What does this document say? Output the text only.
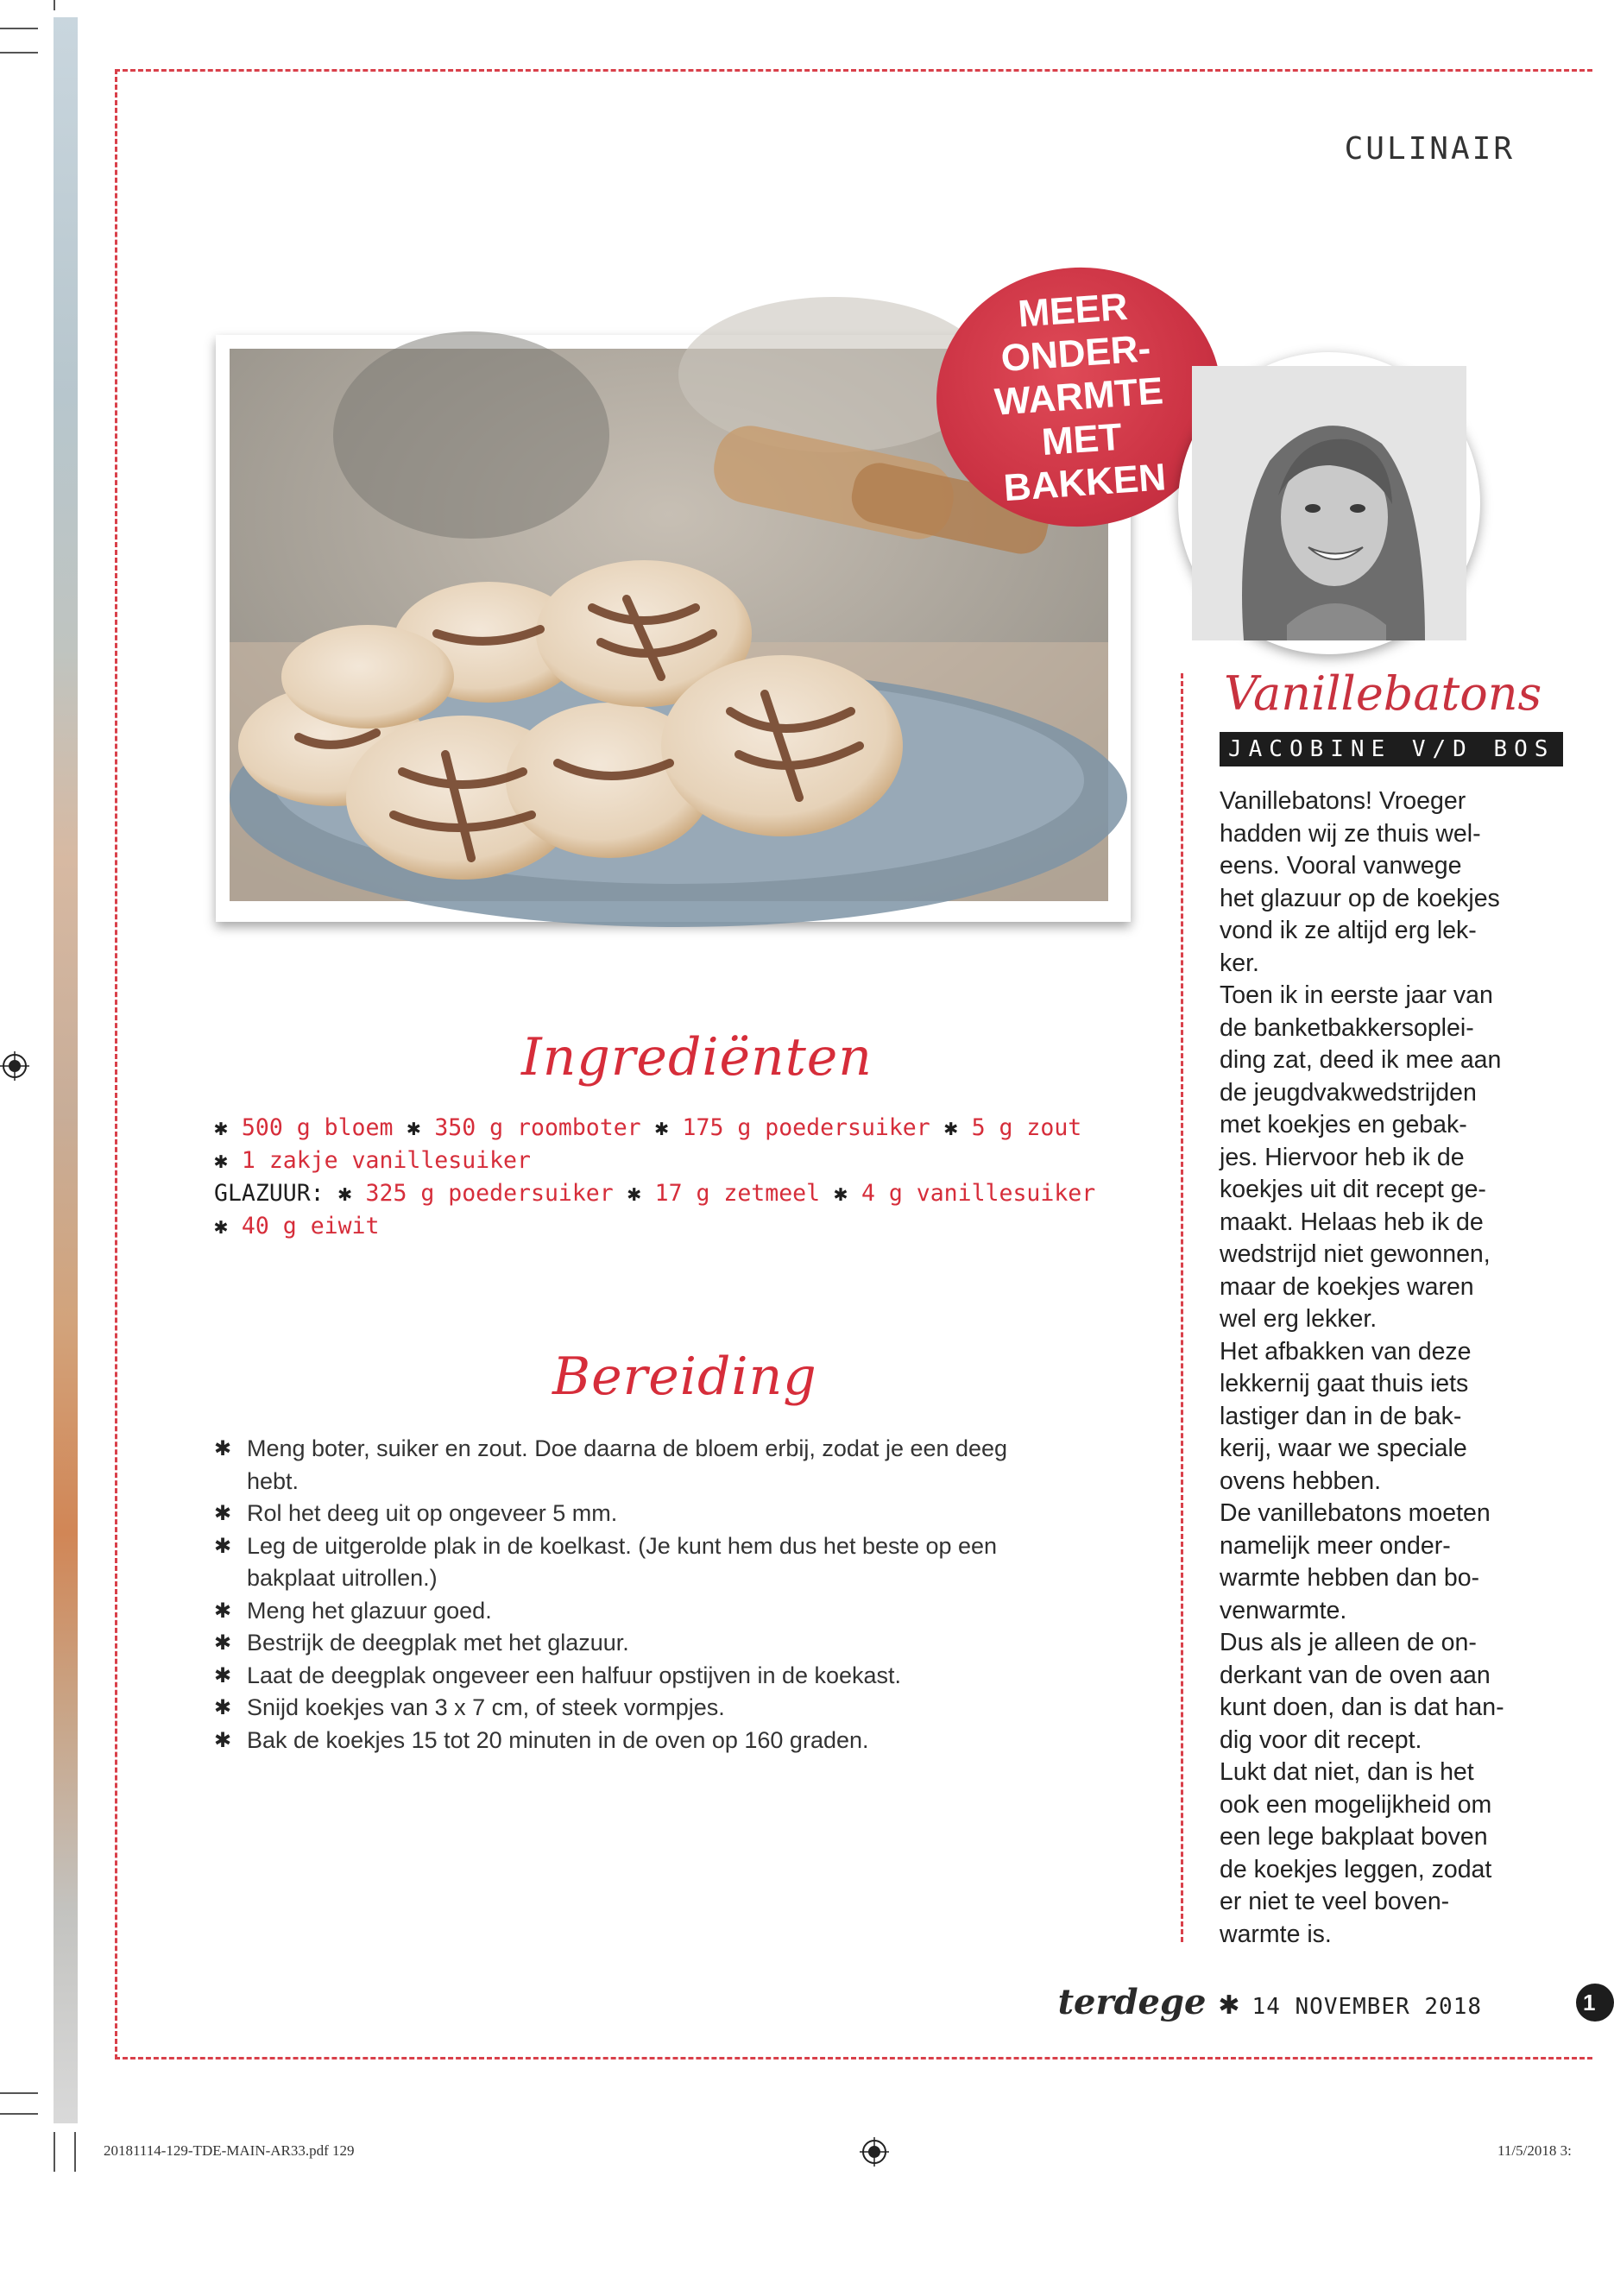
CULINAIR
MEER
ONDER-
WARMTE
MET
BAKKEN
Vanillebatons
JACOBINE V/D BOS

Vanillebatons! Vroeger

hadden wij ze thuis wel-

eens. Vooral vanwege

het glazuur op de koekjes

vond ik ze altijd erg lek-

ker.

Toen ik in eerste jaar van

de banketbakkersoplei-

ding zat, deed ik mee aan

de jeugdvakwedstrijden

met koekjes en gebak-

jes. Hiervoor heb ik de

koekjes uit dit recept ge-

maakt. Helaas heb ik de

wedstrijd niet gewonnen,

maar de koekjes waren

wel erg lekker.

Het afbakken van deze

lekkernij gaat thuis iets

lastiger dan in de bak-

kerij, waar we speciale

ovens hebben.

De vanillebatons moeten

namelijk meer onder-

warmte hebben dan bo-

venwarmte.

Dus als je alleen de on-

derkant van de oven aan

kunt doen, dan is dat han-

dig voor dit recept.

Lukt dat niet, dan is het

ook een mogelijkheid om

een lege bakplaat boven

de koekjes leggen, zodat

er niet te veel boven-

warmte is.

Ingrediënten
✱ 500 g bloem ✱ 350 g roomboter ✱ 175 g poedersuiker ✱ 5 g zout
✱ 1 zakje vanillesuiker
GLAZUUR: ✱ 325 g poedersuiker ✱ 17 g zetmeel ✱ 4 g vanillesuiker
✱ 40 g eiwit
Bereiding
✱ Meng boter, suiker en zout. Doe daarna de bloem erbij, zodat je een deeg hebt.
✱ Rol het deeg uit op ongeveer 5 mm.
✱ Leg de uitgerolde plak in de koelkast. (Je kunt hem dus het beste op een bakplaat uitrollen.)
✱ Meng het glazuur goed.
✱ Bestrijk de deegplak met het glazuur.
✱ Laat de deegplak ongeveer een halfuur opstijven in de koekast.
✱ Snijd koekjes van 3 x 7 cm, of steek vormpjes.
✱ Bak de koekjes 15 tot 20 minuten in de oven op 160 graden.
terdege ✱ 14 NOVEMBER 2018	1
20181114-129-TDE-MAIN-AR33.pdf 129	11/5/2018 3:
